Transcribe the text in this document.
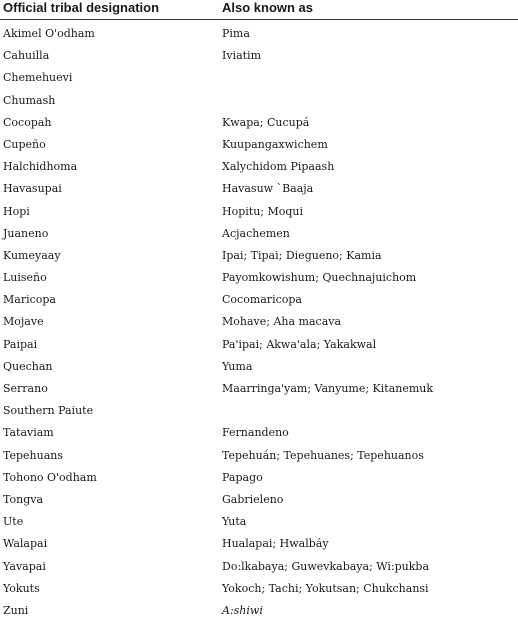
Official tribal designation	Also known as
Akimel O'odham	Pima
Cahuilla	Iviatim
Chemehuevi
Chumash
Cocopah	Kwapa; Cucupá
Cupeño	Kuupangaxwichem
Halchidhoma	Xalychidom Pipaash
Havasupai	Havasuw `Baaja
Hopi	Hopitu; Moqui
Juaneno	Acjachemen
Kumeyaay	Ipai; Tipai; Diegueno; Kamia
Luiseño	Payomkowishum; Quechnajuichom
Maricopa	Cocomaricopa
Mojave	Mohave; Aha macava
Paipai	Pa'ipai; Akwa'ala; Yakakwal
Quechan	Yuma
Serrano	Maarringa'yam; Vanyume; Kitanemuk
Southern Paiute
Tataviam	Fernandeno
Tepehuans	Tepehuán; Tepehuanes; Tepehuanos
Tohono O'odham	Papago
Tongva	Gabrieleno
Ute	Yuta
Walapai	Hualapai; Hwalbáy
Yavapai	Do:lkabaya; Guwevkabaya; Wi:pukba
Yokuts	Yokoch; Tachi; Yokutsan; Chukchansi
Zuni	A:shiwi
